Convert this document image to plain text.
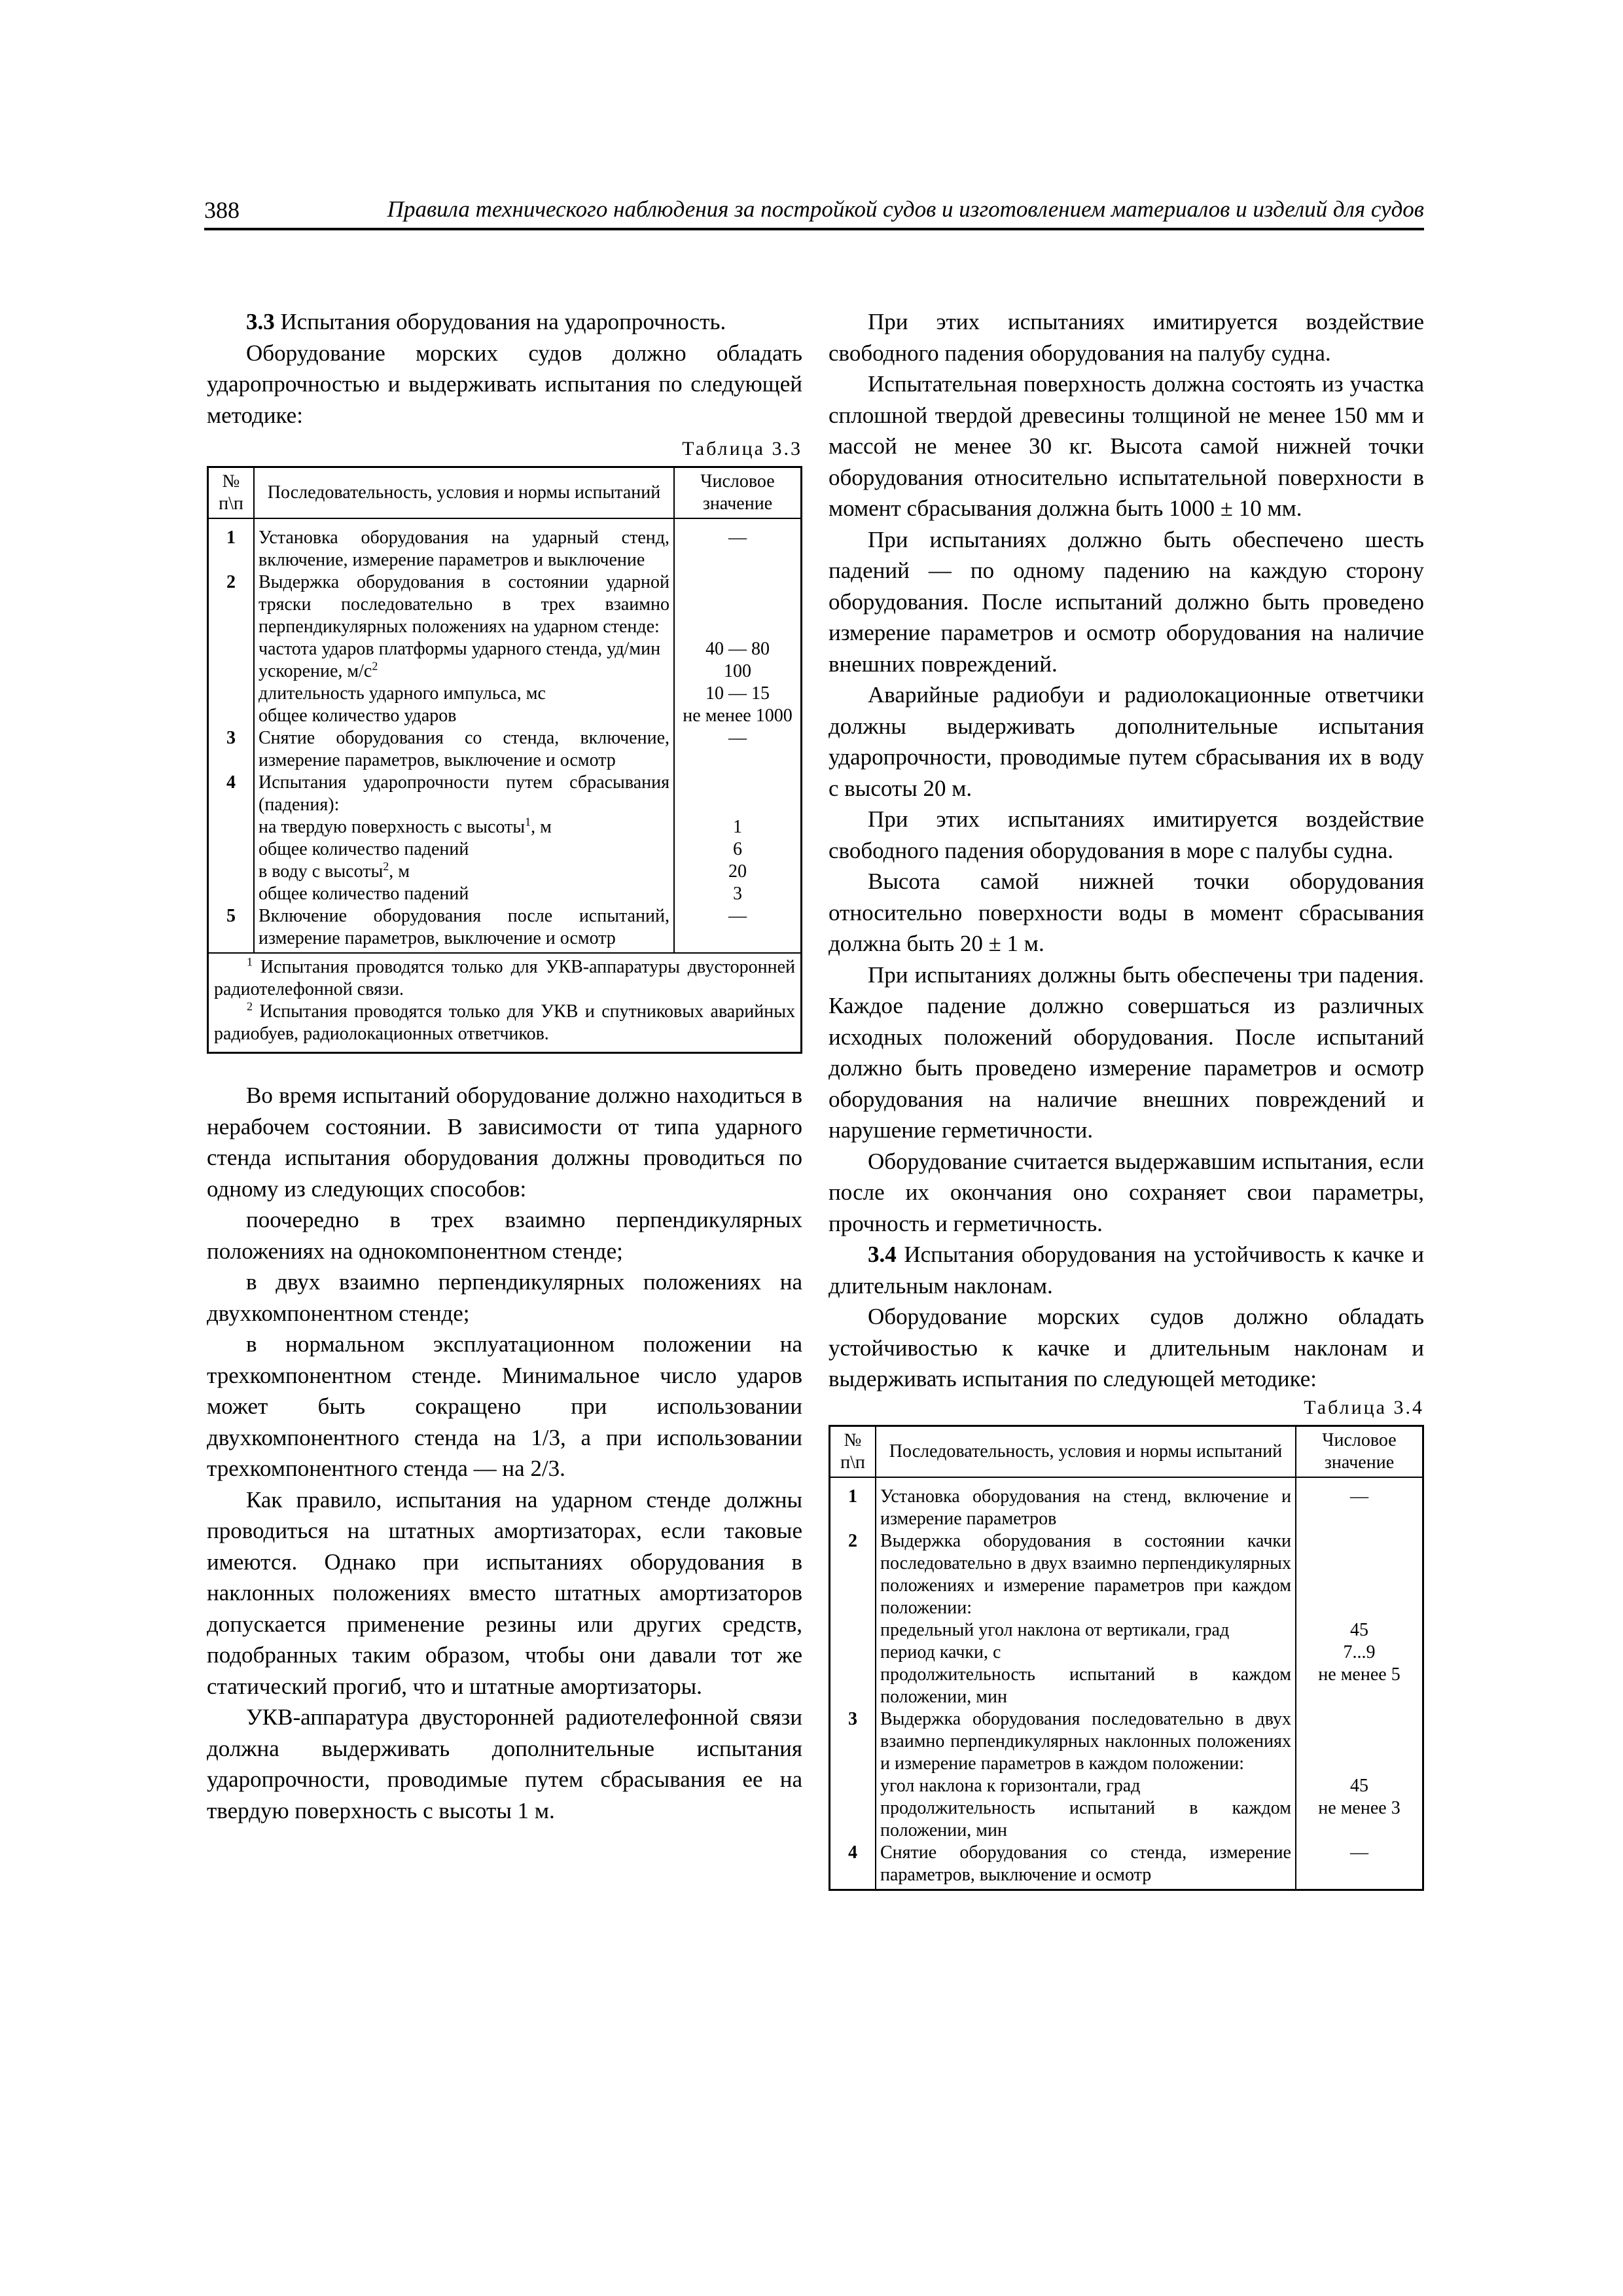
388	Правила технического наблюдения за постройкой судов и изготовлением материалов и изделий для судов

3.3 Испытания оборудования на ударопрочность.

Оборудование морских судов должно обладать ударопрочностью и выдерживать испытания по следующей методике:

Таблица 3.3
№ п\п	Последовательность, условия и нормы испытаний	Числовое значение
1	Установка оборудования на ударный стенд, включение, измерение параметров и выключение	—
2	Выдержка оборудования в состоянии ударной тряски последовательно в трех взаимно перпендикулярных положениях на ударном стенде:	
	частота ударов платформы ударного стенда, уд/мин	40 — 80
	ускорение, $м/с^2$	100
	длительность ударного импульса, мс	10 — 15
	общее количество ударов	не менее 1000
3	Снятие оборудования со стенда, включение, измерение параметров, выключение и осмотр	—
4	Испытания ударопрочности путем сбрасывания (падения):	
	на твердую поверхность с высоты$^1$, м	1
	общее количество падений	6
	в воду с высоты$^2$, м	20
	общее количество падений	3
5	Включение оборудования после испытаний, измерение параметров, выключение и осмотр	—

$^1$ Испытания проводятся только для УКВ-аппаратуры двусторонней радиотелефонной связи.
$^2$ Испытания проводятся только для УКВ и спутниковых аварийных радиобуев, радиолокационных ответчиков.		

Во время испытаний оборудование должно находиться в нерабочем состоянии. В зависимости от типа ударного стенда испытания оборудования должны проводиться по одному из следующих способов:

поочередно в трех взаимно перпендикулярных положениях на однокомпонентном стенде;

в двух взаимно перпендикулярных положениях на двухкомпонентном стенде;

в нормальном эксплуатационном положении на трехкомпонентном стенде. Минимальное число ударов может быть сокращено при использовании двухкомпонентного стенда на 1/3, а при использовании трехкомпонентного стенда — на 2/3.

Как правило, испытания на ударном стенде должны проводиться на штатных амортизаторах, если таковые имеются. Однако при испытаниях оборудования в наклонных положениях вместо штатных амортизаторов допускается применение резины или других средств, подобранных таким образом, чтобы они давали тот же статический прогиб, что и штатные амортизаторы.

УКВ-аппаратура двусторонней радиотелефонной связи должна выдерживать дополнительные испытания ударопрочности, проводимые путем сбрасывания ее на твердую поверхность с высоты 1 м.

При этих испытаниях имитируется воздействие свободного падения оборудования на палубу судна.

Испытательная поверхность должна состоять из участка сплошной твердой древесины толщиной не менее 150 мм и массой не менее 30 кг. Высота самой нижней точки оборудования относительно испытательной поверхности в момент сбрасывания должна быть 1000 ± 10 мм.

При испытаниях должно быть обеспечено шесть падений — по одному падению на каждую сторону оборудования. После испытаний должно быть проведено измерение параметров и осмотр оборудования на наличие внешних повреждений.

Аварийные радиобуи и радиолокационные ответчики должны выдерживать дополнительные испытания ударопрочности, проводимые путем сбрасывания их в воду с высоты 20 м.

При этих испытаниях имитируется воздействие свободного падения оборудования в море с палубы судна.

Высота самой нижней точки оборудования относительно поверхности воды в момент сбрасывания должна быть 20 ± 1 м.

При испытаниях должны быть обеспечены три падения. Каждое падение должно совершаться из различных исходных положений оборудования. После испытаний должно быть проведено измерение параметров и осмотр оборудования на наличие внешних повреждений и нарушение герметичности.

Оборудование считается выдержавшим испытания, если после их окончания оно сохраняет свои параметры, прочность и герметичность.

3.4 Испытания оборудования на устойчивость к качке и длительным наклонам.

Оборудование морских судов должно обладать устойчивостью к качке и длительным наклонам и выдерживать испытания по следующей методике:

Таблица 3.4
№ п\п	Последовательность, условия и нормы испытаний	Числовое значение
1	Установка оборудования на стенд, включение и измерение параметров	—
2	Выдержка оборудования в состоянии качки последовательно в двух взаимно перпендикулярных положениях и измерение параметров при каждом положении:	
	предельный угол наклона от вертикали, град	45
	период качки, с	7...9
	продолжительность испытаний в каждом положении, мин	не менее 5
3	Выдержка оборудования последовательно в двух взаимно перпендикулярных наклонных положениях и измерение параметров в каждом положении:	
	угол наклона к горизонтали, град	45
	продолжительность испытаний в каждом положении, мин	не менее 3
4	Снятие оборудования со стенда, измерение параметров, выключение и осмотр	—
